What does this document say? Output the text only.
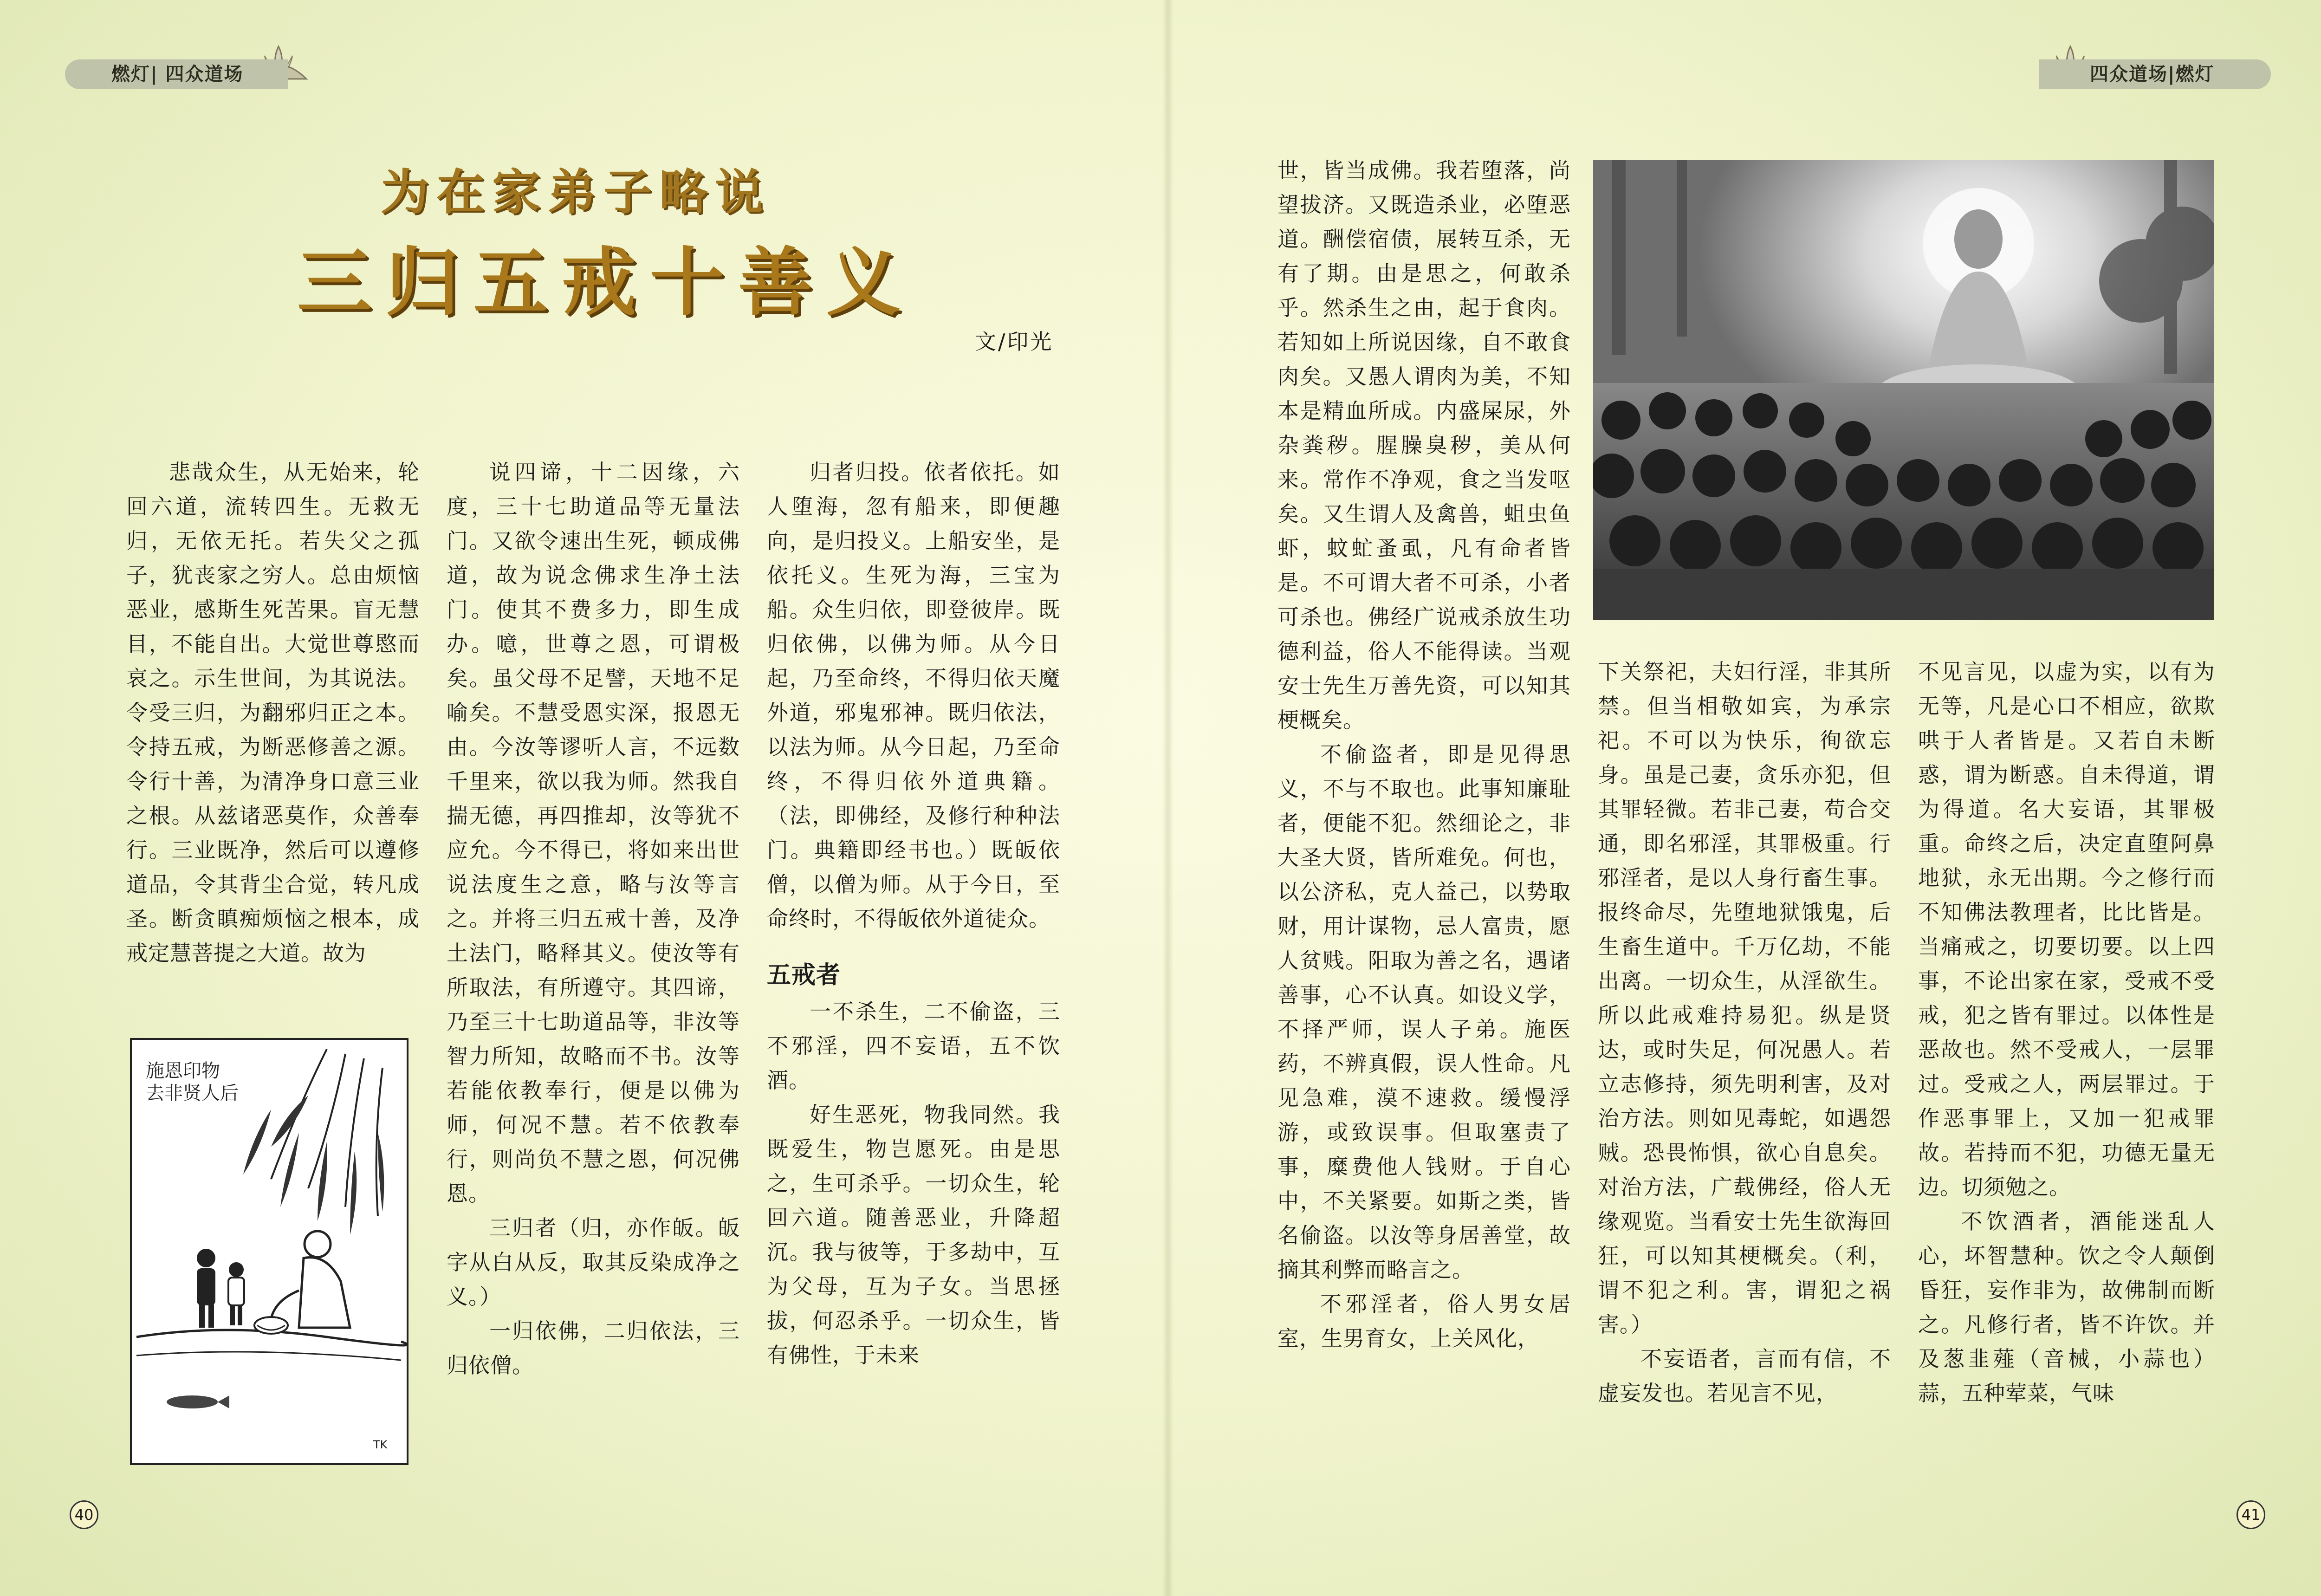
燃灯| 四众道场	四众道场|燃灯
为在家弟子略说
三归五戒十善义
文/印光

悲哉众生，从无始来，轮回六道，流转四生。无救无归，无依无托。若失父之孤子，犹丧家之穷人。总由烦恼恶业，感斯生死苦果。盲无慧目，不能自出。大觉世尊愍而哀之。示生世间，为其说法。令受三归，为翻邪归正之本。令持五戒，为断恶修善之源。令行十善，为清净身口意三业之根。从兹诸恶莫作，众善奉行。三业既净，然后可以遵修道品，令其背尘合觉，转凡成圣。断贪瞋痴烦恼之根本，成戒定慧菩提之大道。故为

施恩印物去非贤人后
TK

说四谛，十二因缘，六度，三十七助道品等无量法门。又欲令速出生死，顿成佛道，故为说念佛求生净土法门。使其不费多力，即生成办。噫，世尊之恩，可谓极矣。虽父母不足譬，天地不足喻矣。不慧受恩实深，报恩无由。今汝等谬听人言，不远数千里来，欲以我为师。然我自揣无德，再四推却，汝等犹不应允。今不得已，将如来出世说法度生之意，略与汝等言之。并将三归五戒十善，及净土法门，略释其义。使汝等有所取法，有所遵守。其四谛，乃至三十七助道品等，非汝等智力所知，故略而不书。汝等若能依教奉行，便是以佛为师，何况不慧。若不依教奉行，则尚负不慧之恩，何况佛恩。

三归者（归，亦作皈。皈字从白从反，取其反染成净之义。）

一归依佛，二归依法，三归依僧。

归者归投。依者依托。如人堕海，忽有船来，即便趣向，是归投义。上船安坐，是依托义。生死为海，三宝为船。众生归依，即登彼岸。既归依佛，以佛为师。从今日起，乃至命终，不得归依天魔外道，邪鬼邪神。既归依法，以法为师。从今日起，乃至命终，不得归依外道典籍。（法，即佛经，及修行种种法门。典籍即经书也。）既皈依僧，以僧为师。从于今日，至命终时，不得皈依外道徒众。

五戒者

一不杀生，二不偷盗，三不邪淫，四不妄语，五不饮酒。

好生恶死，物我同然。我既爱生，物岂愿死。由是思之，生可杀乎。一切众生，轮回六道。随善恶业，升降超沉。我与彼等，于多劫中，互为父母，互为子女。当思拯拔，何忍杀乎。一切众生，皆有佛性，于未来

世，皆当成佛。我若堕落，尚望拔济。又既造杀业，必堕恶道。酬偿宿债，展转互杀，无有了期。由是思之，何敢杀乎。然杀生之由，起于食肉。若知如上所说因缘，自不敢食肉矣。又愚人谓肉为美，不知本是精血所成。内盛屎尿，外杂粪秽。腥臊臭秽，美从何来。常作不净观，食之当发呕矣。又生谓人及禽兽，蛆虫鱼虾，蚊虻蚤虱，凡有命者皆是。不可谓大者不可杀，小者可杀也。佛经广说戒杀放生功德利益，俗人不能得读。当观安士先生万善先资，可以知其梗概矣。

不偷盗者，即是见得思义，不与不取也。此事知廉耻者，便能不犯。然细论之，非大圣大贤，皆所难免。何也，以公济私，克人益己，以势取财，用计谋物，忌人富贵，愿人贫贱。阳取为善之名，遇诸善事，心不认真。如设义学，不择严师，误人子弟。施医药，不辨真假，误人性命。凡见急难，漠不速救。缓慢浮游，或致误事。但取塞责了事，糜费他人钱财。于自心中，不关紧要。如斯之类，皆名偷盗。以汝等身居善堂，故摘其利弊而略言之。

不邪淫者，俗人男女居室，生男育女，上关风化，

下关祭祀，夫妇行淫，非其所禁。但当相敬如宾，为承宗祀。不可以为快乐，徇欲忘身。虽是己妻，贪乐亦犯，但其罪轻微。若非己妻，苟合交通，即名邪淫，其罪极重。行邪淫者，是以人身行畜生事。报终命尽，先堕地狱饿鬼，后生畜生道中。千万亿劫，不能出离。一切众生，从淫欲生。所以此戒难持易犯。纵是贤达，或时失足，何况愚人。若立志修持，须先明利害，及对治方法。则如见毒蛇，如遇怨贼。恐畏怖惧，欲心自息矣。对治方法，广载佛经，俗人无缘观览。当看安士先生欲海回狂，可以知其梗概矣。（利，谓不犯之利。害，谓犯之祸害。）

不妄语者，言而有信，不虚妄发也。若见言不见，

不见言见，以虚为实，以有为无等，凡是心口不相应，欲欺哄于人者皆是。又若自未断惑，谓为断惑。自未得道，谓为得道。名大妄语，其罪极重。命终之后，决定直堕阿鼻地狱，永无出期。今之修行而不知佛法教理者，比比皆是。当痛戒之，切要切要。以上四事，不论出家在家，受戒不受戒，犯之皆有罪过。以体性是恶故也。然不受戒人，一层罪过。受戒之人，两层罪过。于作恶事罪上，又加一犯戒罪故。若持而不犯，功德无量无边。切须勉之。

不饮酒者，酒能迷乱人心，坏智慧种。饮之令人颠倒昏狂，妄作非为，故佛制而断之。凡修行者，皆不许饮。并及葱韭薤（音械，小蒜也）蒜，五种荤菜，气味

40	41
